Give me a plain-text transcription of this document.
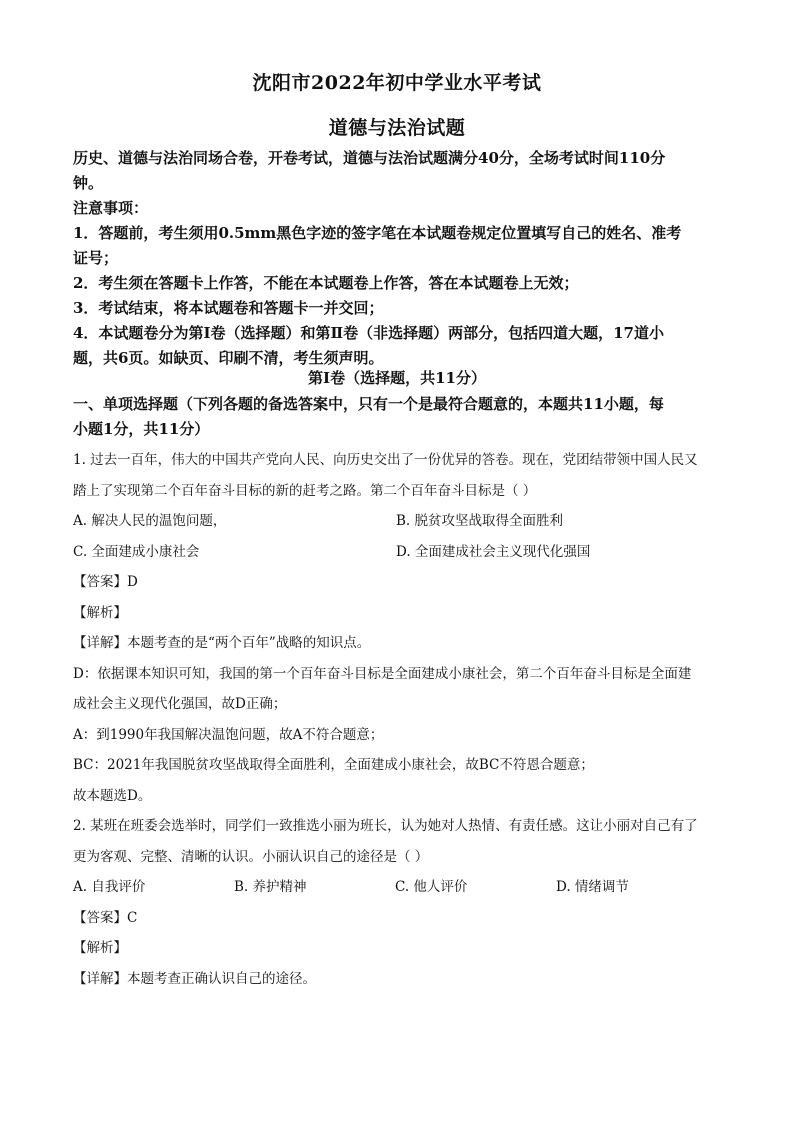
沈阳市2022年初中学业水平考试
道德与法治试题

历史、道德与法治同场合卷，开卷考试，道德与法治试题满分40分，全场考试时间110分

钟。

注意事项：

1．答题前，考生须用0.5mm黑色字迹的签字笔在本试题卷规定位置填写自己的姓名、准考

证号；

2．考生须在答题卡上作答，不能在本试题卷上作答，答在本试题卷上无效；

3．考试结束，将本试题卷和答题卡一并交回；

4．本试题卷分为第Ⅰ卷（选择题）和第Ⅱ卷（非选择题）两部分，包括四道大题，17道小

题，共6页。如缺页、印刷不清，考生须声明。

第Ⅰ卷（选择题，共11分）
一、单项选择题（下列各题的备选答案中，只有一个是最符合题意的，本题共11小题，每
小题1分，共11分）

1. 过去一百年，伟大的中国共产党向人民、向历史交出了一份优异的答卷。现在，党团结带领中国人民又

踏上了实现第二个百年奋斗目标的新的赶考之路。第二个百年奋斗目标是（ ）

A. 解决人民的温饱问题，	B. 脱贫攻坚战取得全面胜利

C. 全面建成小康社会	D. 全面建成社会主义现代化强国

【答案】D

【解析】

【详解】本题考查的是“两个百年”战略的知识点。

D：依据课本知识可知，我国的第一个百年奋斗目标是全面建成小康社会，第二个百年奋斗目标是全面建

成社会主义现代化强国，故D正确；

A：到1990年我国解决温饱问题，故A不符合题意；

BC：2021年我国脱贫攻坚战取得全面胜利，全面建成小康社会，故BC不符恩合题意；

故本题选D。

2. 某班在班委会选举时，同学们一致推选小丽为班长，认为她对人热情、有责任感。这让小丽对自己有了

更为客观、完整、清晰的认识。小丽认识自己的途径是（ ）

A. 自我评价	B. 养护精神	C. 他人评价	D. 情绪调节

【答案】C

【解析】

【详解】本题考查正确认识自己的途径。
